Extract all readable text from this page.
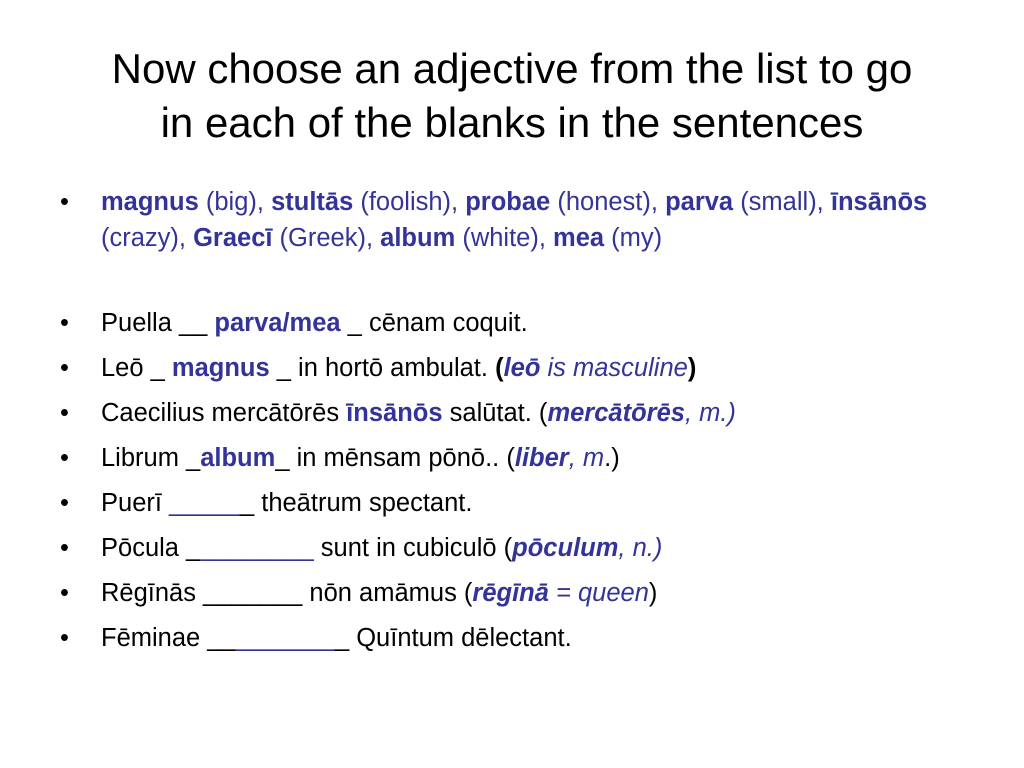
Now choose an adjective from the list to go
in each of the blanks in the sentences
• magnus (big), stultās (foolish), probae (honest), parva (small), īnsānōs (crazy), Graecī (Greek), album (white), mea (my)
• Puella __ parva/mea _ cēnam coquit.
• Leō _ magnus _ in hortō ambulat. (leō is masculine)
• Caecilius mercātōrēs īnsānōs salūtat. (mercātōrēs, m.)
• Librum _album_ in mēnsam pōnō.. (liber, m.)
• Puerī ______ theātrum spectant.
• Pōcula _________ sunt in cubiculō (pōculum, n.)
• Rēgīnās _______ nōn amāmus (rēgīnā = queen)
• Fēminae __________ Quīntum dēlectant.
